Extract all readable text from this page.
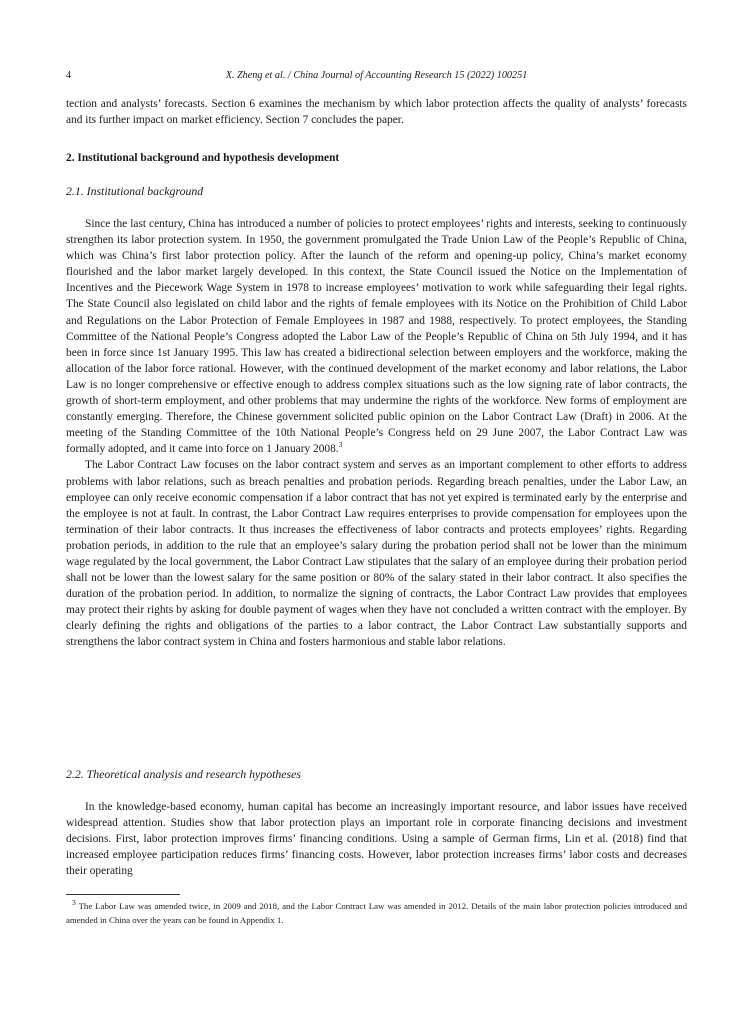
4	X. Zheng et al. / China Journal of Accounting Research 15 (2022) 100251

tection and analysts’ forecasts. Section 6 examines the mechanism by which labor protection affects the quality of analysts’ forecasts and its further impact on market efficiency. Section 7 concludes the paper.

2. Institutional background and hypothesis development
2.1. Institutional background

Since the last century, China has introduced a number of policies to protect employees’ rights and interests, seeking to continuously strengthen its labor protection system. In 1950, the government promulgated the Trade Union Law of the People’s Republic of China, which was China’s first labor protection policy. After the launch of the reform and opening-up policy, China’s market economy flourished and the labor market largely developed. In this context, the State Council issued the Notice on the Implementation of Incentives and the Piecework Wage System in 1978 to increase employees’ motivation to work while safeguarding their legal rights. The State Council also legislated on child labor and the rights of female employees with its Notice on the Prohibition of Child Labor and Regulations on the Labor Protection of Female Employees in 1987 and 1988, respectively. To protect employees, the Standing Committee of the National People’s Congress adopted the Labor Law of the People’s Republic of China on 5th July 1994, and it has been in force since 1st January 1995. This law has created a bidirectional selection between employers and the workforce, making the allocation of the labor force rational. However, with the continued development of the market economy and labor relations, the Labor Law is no longer comprehensive or effective enough to address complex situations such as the low signing rate of labor contracts, the growth of short-term employment, and other problems that may undermine the rights of the workforce. New forms of employment are constantly emerging. Therefore, the Chinese government solicited public opinion on the Labor Contract Law (Draft) in 2006. At the meeting of the Standing Committee of the 10th National People’s Congress held on 29 June 2007, the Labor Contract Law was formally adopted, and it came into force on 1 January 2008.$^3$

The Labor Contract Law focuses on the labor contract system and serves as an important complement to other efforts to address problems with labor relations, such as breach penalties and probation periods. Regarding breach penalties, under the Labor Law, an employee can only receive economic compensation if a labor contract that has not yet expired is terminated early by the enterprise and the employee is not at fault. In contrast, the Labor Contract Law requires enterprises to provide compensation for employees upon the termination of their labor contracts. It thus increases the effectiveness of labor contracts and protects employees’ rights. Regarding probation periods, in addition to the rule that an employee’s salary during the probation period shall not be lower than the minimum wage regulated by the local government, the Labor Contract Law stipulates that the salary of an employee during their probation period shall not be lower than the lowest salary for the same position or 80% of the salary stated in their labor contract. It also specifies the duration of the probation period. In addition, to normalize the signing of contracts, the Labor Contract Law provides that employees may protect their rights by asking for double payment of wages when they have not concluded a written contract with the employer. By clearly defining the rights and obligations of the parties to a labor contract, the Labor Contract Law substantially supports and strengthens the labor contract system in China and fosters harmonious and stable labor relations.

2.2. Theoretical analysis and research hypotheses

In the knowledge-based economy, human capital has become an increasingly important resource, and labor issues have received widespread attention. Studies show that labor protection plays an important role in corporate financing decisions and investment decisions. First, labor protection improves firms’ financing conditions. Using a sample of German firms, Lin et al. (2018) find that increased employee participation reduces firms’ financing costs. However, labor protection increases firms’ labor costs and decreases their operating

$^3$ The Labor Law was amended twice, in 2009 and 2018, and the Labor Contract Law was amended in 2012. Details of the main labor protection policies introduced and amended in China over the years can be found in Appendix 1.
